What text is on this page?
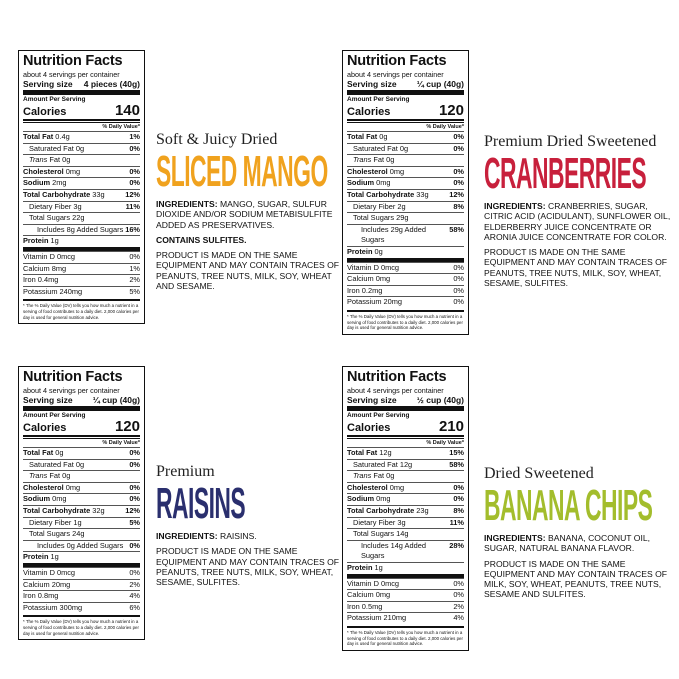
Nutrition Facts
about 4 servings per container
Serving size 4 pieces (40g)
Amount Per Serving
Calories	140
% Daily Value*
Total Fat 0.4g	1%
Saturated Fat 0g	0%
Trans Fat 0g
Cholesterol 0mg	0%
Sodium 2mg	0%
Total Carbohydrate 33g	12%
Dietary Fiber 3g	11%
Total Sugars 22g
Includes 8g Added Sugars 16%
Protein 1g
Vitamin D 0mcg	0%
Calcium 8mg	1%
Iron 0.4mg	2%
Potassium 240mg	5%
* The % Daily Value (DV) tells you how much a nutrient in a serving of food contributes to a daily diet. 2,000 calories per day is used for general nutrition advice.
Soft & Juicy Dried
SLICED MANGO

INGREDIENTS: MANGO, SUGAR, SULFUR DIOXIDE AND/OR SODIUM METABISULFITE ADDED AS PRESERVATIVES.

CONTAINS SULFITES.

PRODUCT IS MADE ON THE SAME EQUIPMENT AND MAY CONTAIN TRACES OF PEANUTS, TREE NUTS, MILK, SOY, WHEAT AND SESAME.

Nutrition Facts
about 4 servings per container
Serving size ¼ cup (40g)
Amount Per Serving
Calories	120
% Daily Value*
Total Fat 0g	0%
Saturated Fat 0g	0%
Trans Fat 0g
Cholesterol 0mg	0%
Sodium 0mg	0%
Total Carbohydrate 33g	12%
Dietary Fiber 2g	8%
Total Sugars 29g
Includes 29g Added Sugars
58%
Protein 0g
Vitamin D 0mcg	0%
Calcium 0mg	0%
Iron 0.2mg	0%
Potassium 20mg	0%
* The % Daily Value (DV) tells you how much a nutrient in a serving of food contributes to a daily diet. 2,000 calories per day is used for general nutrition advice.
Premium Dried Sweetened
CRANBERRIES

INGREDIENTS: CRANBERRIES, SUGAR, CITRIC ACID (ACIDULANT), SUNFLOWER OIL, ELDERBERRY JUICE CONCENTRATE OR ARONIA JUICE CONCENTRATE FOR COLOR.

PRODUCT IS MADE ON THE SAME EQUIPMENT AND MAY CONTAIN TRACES OF PEANUTS, TREE NUTS, MILK, SOY, WHEAT, SESAME, SULFITES.

Nutrition Facts
about 4 servings per container
Serving size ¼ cup (40g)
Amount Per Serving
Calories	120
% Daily Value*
Total Fat 0g	0%
Saturated Fat 0g	0%
Trans Fat 0g
Cholesterol 0mg	0%
Sodium 0mg	0%
Total Carbohydrate 32g	12%
Dietary Fiber 1g	5%
Total Sugars 24g
Includes 0g Added Sugars 0%
Protein 1g
Vitamin D 0mcg	0%
Calcium 20mg	2%
Iron 0.8mg	4%
Potassium 300mg	6%
* The % Daily Value (DV) tells you how much a nutrient in a serving of food contributes to a daily diet. 2,000 calories per day is used for general nutrition advice.
Premium
RAISINS

INGREDIENTS: RAISINS.

PRODUCT IS MADE ON THE SAME EQUIPMENT AND MAY CONTAIN TRACES OF PEANUTS, TREE NUTS, MILK, SOY, WHEAT, SESAME, SULFITES.

Nutrition Facts
about 4 servings per container
Serving size ½ cup (40g)
Amount Per Serving
Calories	210
% Daily Value*
Total Fat 12g	15%
Saturated Fat 12g	58%
Trans Fat 0g
Cholesterol 0mg	0%
Sodium 0mg	0%
Total Carbohydrate 23g	8%
Dietary Fiber 3g	11%
Total Sugars 14g
Includes 14g Added Sugars
28%
Protein 1g
Vitamin D 0mcg	0%
Calcium 0mg	0%
Iron 0.5mg	2%
Potassium 210mg	4%
* The % Daily Value (DV) tells you how much a nutrient in a serving of food contributes to a daily diet. 2,000 calories per day is used for general nutrition advice.
Dried Sweetened
BANANA CHIPS

INGREDIENTS: BANANA, COCONUT OIL, SUGAR, NATURAL BANANA FLAVOR.

PRODUCT IS MADE ON THE SAME EQUIPMENT AND MAY CONTAIN TRACES OF MILK, SOY, WHEAT, PEANUTS, TREE NUTS, SESAME AND SULFITES.
